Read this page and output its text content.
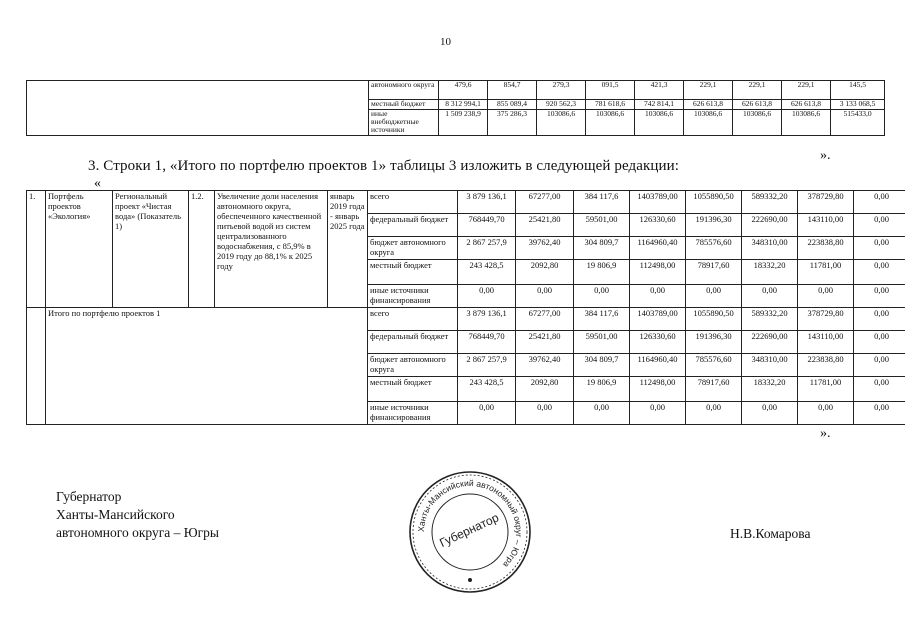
10
	автономного округа	479,6	854,7	279,3	091,5	421,3	229,1	229,1	229,1	145,5
	местный бюджет	8 312 994,1	855 089,4	920 562,3	781 618,6	742 814,1	626 613,8	626 613,8	626 613,8	3 133 068,5
	иные внебюджетные источники	1 509 238,9	375 286,3	103086,6	103086,6	103086,6	103086,6	103086,6	103086,6	515433,0
».
3. Строки 1, «Итого по портфелю проектов 1» таблицы 3 изложить в следующей редакции:
«
1.	Портфель проектов «Экология»	Региональный проект «Чистая вода» (Показатель 1)	1.2.	Увеличение доли населения автономного округа, обеспеченного качественной питьевой водой из систем централизованного водоснабжения, с 85,9% в 2019 году до 88,1% к 2025 году	январь 2019 года - январь 2025 года	всего	3 879 136,1	67277,00	384 117,6	1403789,00	1055890,50	589332,20	378729,80	0,00
						федеральный бюджет	768449,70	25421,80	59501,00	126330,60	191396,30	222690,00	143110,00	0,00
						бюджет автономного округа	2 867 257,9	39762,40	304 809,7	1164960,40	785576,60	348310,00	223838,80	0,00
						местный бюджет	243 428,5	2092,80	19 806,9	112498,00	78917,60	18332,20	11781,00	0,00
						иные источники финансирования	0,00	0,00	0,00	0,00	0,00	0,00	0,00	0,00
	Итого по портфелю проектов 1					всего	3 879 136,1	67277,00	384 117,6	1403789,00	1055890,50	589332,20	378729,80	0,00
						федеральный бюджет	768449,70	25421,80	59501,00	126330,60	191396,30	222690,00	143110,00	0,00
						бюджет автономного округа	2 867 257,9	39762,40	304 809,7	1164960,40	785576,60	348310,00	223838,80	0,00
						местный бюджет	243 428,5	2092,80	19 806,9	112498,00	78917,60	18332,20	11781,00	0,00
						иные источники финансирования	0,00	0,00	0,00	0,00	0,00	0,00	0,00	0,00
».
Губернатор
Ханты-Мансийского
автономного округа – Югры	Н.В.Комарова
Ханты-Мансийский автономный округ – Югра
Губернатор
